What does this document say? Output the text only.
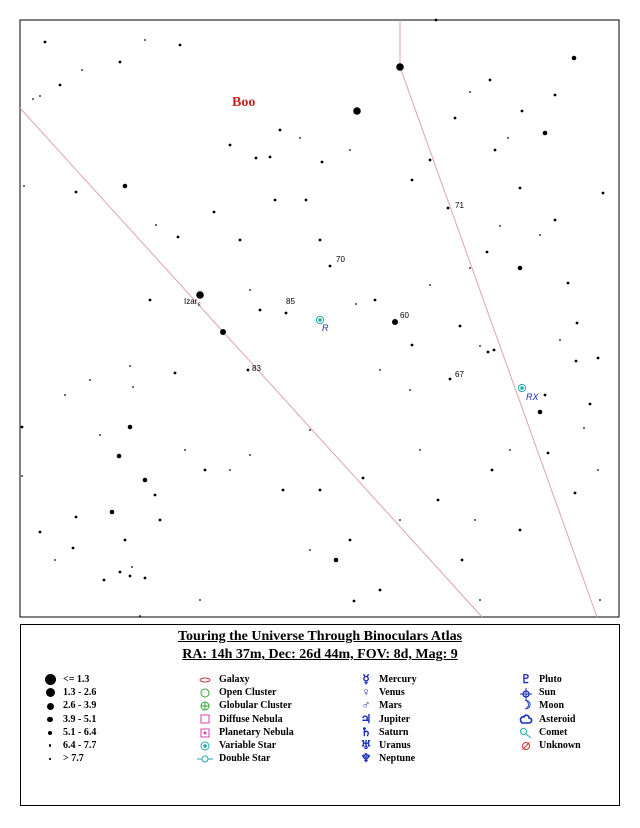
71
70
85
60
83
67
Boo
Izar ε
R
RX
Touring the Universe Through Binoculars Atlas
RA: 14h 37m, Dec: 26d 44m, FOV: 8d, Mag: 9
<= 1.3
1.3 - 2.6
2.6 - 3.9
3.9 - 5.1
5.1 - 6.4
6.4 - 7.7
> 7.7
Galaxy
Open Cluster
Globular Cluster
Diffuse Nebula
Planetary Nebula
Variable Star
Double Star
☿ Mercury
♀ Venus
♂ Mars
♃ Jupiter
♄ Saturn
♅ Uranus
♆ Neptune
♇ Pluto
Sun
☽ Moon
Asteroid
Comet
Unknown
